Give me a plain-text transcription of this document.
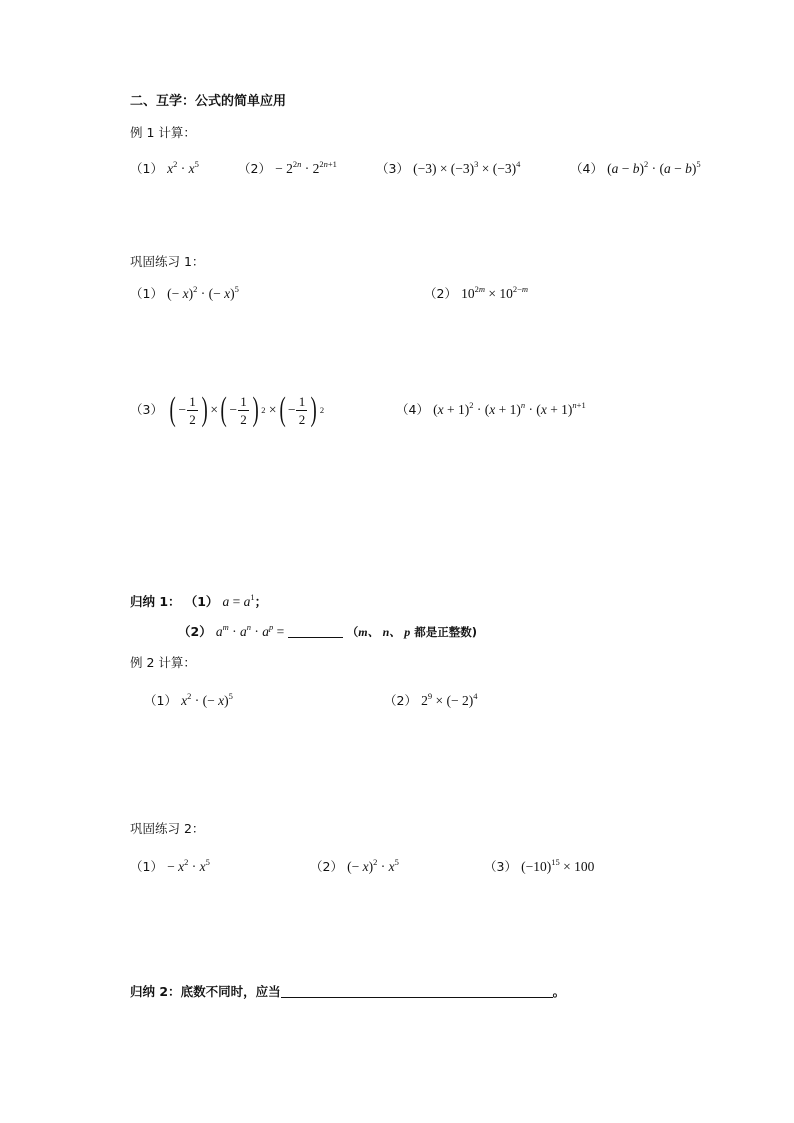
二、互学：公式的简单应用
例 1 计算：
（1） $x^2 \cdot x^5$	$(2) - 2^{2n} \cdot 2^{2n+1}$	（3） $(-3) \times (-3)^3 \times (-3)^4$	（4） $(a - b)^2 \cdot (a - b)^5$
巩固练习 1：
（1） (− x)$^2$ · (− x)$^5$	（2） $10^{2m} \times 10^{2-m}$
（3） ( − $\frac{1}{2}$ ) × ( − $\frac{1}{2}$ ) 2 × ( − $\frac{1}{2}$ ) 2	（4） $(x + 1)^2 \cdot (x + 1)^n \cdot (x + 1)^{n+1}$
归纳 1： （1） $a = a^1$；
（2） $a^m \cdot a^n \cdot a^p$ =	（m、 n、 p 都是正整数)
例 2 计算：
（1） $x^2$ · (− x)$^5$	（2） $2^9$ × (− 2)$^4$
巩固练习 2：
$(1) - x^2 \cdot x^5$	（2） (− $x)^2 \cdot x^5$	（3） $(-10)^{15} \times 100$
归纳 2：底数不同时，应当	。
